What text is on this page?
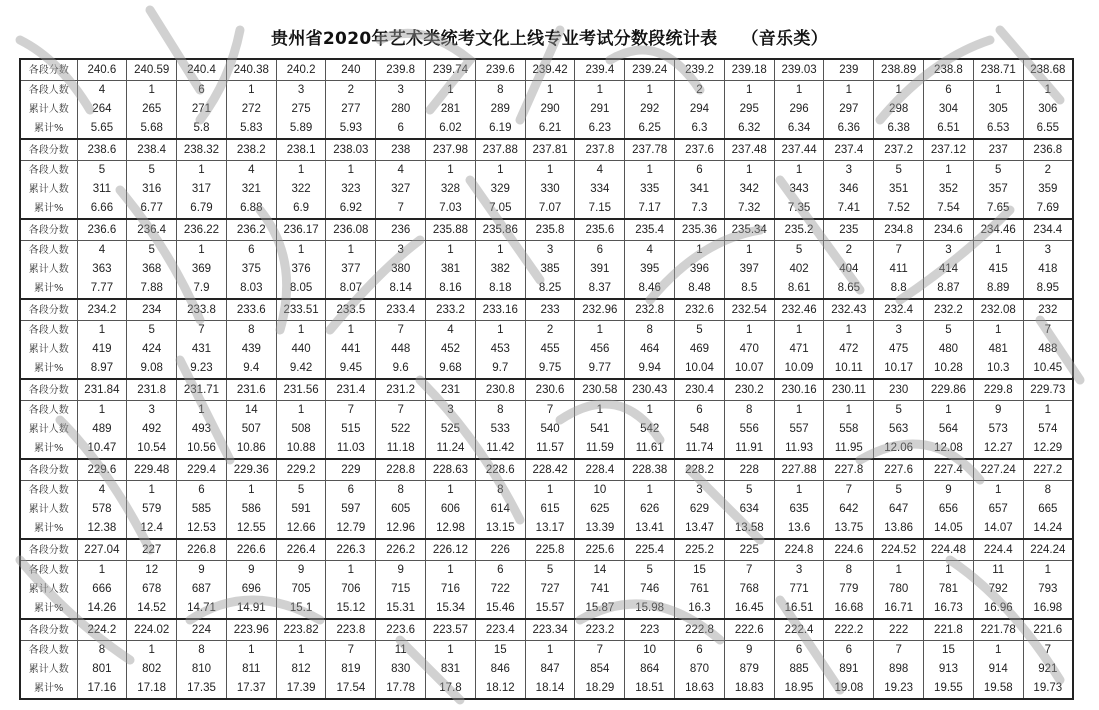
贵州省2020年艺术类统考文化上线专业考试分数段统计表 （音乐类）
各段分数	240.6	240.59	240.4	240.38	240.2	240	239.8	239.74	239.6	239.42	239.4	239.24	239.2	239.18	239.03	239	238.89	238.8	238.71	238.68
各段人数	4	1	6	1	3	2	3	1	8	1	1	1	2	1	1	1	1	6	1	1
累计人数	264	265	271	272	275	277	280	281	289	290	291	292	294	295	296	297	298	304	305	306
累计%	5.65	5.68	5.8	5.83	5.89	5.93	6	6.02	6.19	6.21	6.23	6.25	6.3	6.32	6.34	6.36	6.38	6.51	6.53	6.55
各段分数	238.6	238.4	238.32	238.2	238.1	238.03	238	237.98	237.88	237.81	237.8	237.78	237.6	237.48	237.44	237.4	237.2	237.12	237	236.8
各段人数	5	5	1	4	1	1	4	1	1	1	4	1	6	1	1	3	5	1	5	2
累计人数	311	316	317	321	322	323	327	328	329	330	334	335	341	342	343	346	351	352	357	359
累计%	6.66	6.77	6.79	6.88	6.9	6.92	7	7.03	7.05	7.07	7.15	7.17	7.3	7.32	7.35	7.41	7.52	7.54	7.65	7.69
各段分数	236.6	236.4	236.22	236.2	236.17	236.08	236	235.88	235.86	235.8	235.6	235.4	235.36	235.34	235.2	235	234.8	234.6	234.46	234.4
各段人数	4	5	1	6	1	1	3	1	1	3	6	4	1	1	5	2	7	3	1	3
累计人数	363	368	369	375	376	377	380	381	382	385	391	395	396	397	402	404	411	414	415	418
累计%	7.77	7.88	7.9	8.03	8.05	8.07	8.14	8.16	8.18	8.25	8.37	8.46	8.48	8.5	8.61	8.65	8.8	8.87	8.89	8.95
各段分数	234.2	234	233.8	233.6	233.51	233.5	233.4	233.2	233.16	233	232.96	232.8	232.6	232.54	232.46	232.43	232.4	232.2	232.08	232
各段人数	1	5	7	8	1	1	7	4	1	2	1	8	5	1	1	1	3	5	1	7
累计人数	419	424	431	439	440	441	448	452	453	455	456	464	469	470	471	472	475	480	481	488
累计%	8.97	9.08	9.23	9.4	9.42	9.45	9.6	9.68	9.7	9.75	9.77	9.94	10.04	10.07	10.09	10.11	10.17	10.28	10.3	10.45
各段分数	231.84	231.8	231.71	231.6	231.56	231.4	231.2	231	230.8	230.6	230.58	230.43	230.4	230.2	230.16	230.11	230	229.86	229.8	229.73
各段人数	1	3	1	14	1	7	7	3	8	7	1	1	6	8	1	1	5	1	9	1
累计人数	489	492	493	507	508	515	522	525	533	540	541	542	548	556	557	558	563	564	573	574
累计%	10.47	10.54	10.56	10.86	10.88	11.03	11.18	11.24	11.42	11.57	11.59	11.61	11.74	11.91	11.93	11.95	12.06	12.08	12.27	12.29
各段分数	229.6	229.48	229.4	229.36	229.2	229	228.8	228.63	228.6	228.42	228.4	228.38	228.2	228	227.88	227.8	227.6	227.4	227.24	227.2
各段人数	4	1	6	1	5	6	8	1	8	1	10	1	3	5	1	7	5	9	1	8
累计人数	578	579	585	586	591	597	605	606	614	615	625	626	629	634	635	642	647	656	657	665
累计%	12.38	12.4	12.53	12.55	12.66	12.79	12.96	12.98	13.15	13.17	13.39	13.41	13.47	13.58	13.6	13.75	13.86	14.05	14.07	14.24
各段分数	227.04	227	226.8	226.6	226.4	226.3	226.2	226.12	226	225.8	225.6	225.4	225.2	225	224.8	224.6	224.52	224.48	224.4	224.24
各段人数	1	12	9	9	9	1	9	1	6	5	14	5	15	7	3	8	1	1	11	1
累计人数	666	678	687	696	705	706	715	716	722	727	741	746	761	768	771	779	780	781	792	793
累计%	14.26	14.52	14.71	14.91	15.1	15.12	15.31	15.34	15.46	15.57	15.87	15.98	16.3	16.45	16.51	16.68	16.71	16.73	16.96	16.98
各段分数	224.2	224.02	224	223.96	223.82	223.8	223.6	223.57	223.4	223.34	223.2	223	222.8	222.6	222.4	222.2	222	221.8	221.78	221.6
各段人数	8	1	8	1	1	7	11	1	15	1	7	10	6	9	6	6	7	15	1	7
累计人数	801	802	810	811	812	819	830	831	846	847	854	864	870	879	885	891	898	913	914	921
累计%	17.16	17.18	17.35	17.37	17.39	17.54	17.78	17.8	18.12	18.14	18.29	18.51	18.63	18.83	18.95	19.08	19.23	19.55	19.58	19.73
